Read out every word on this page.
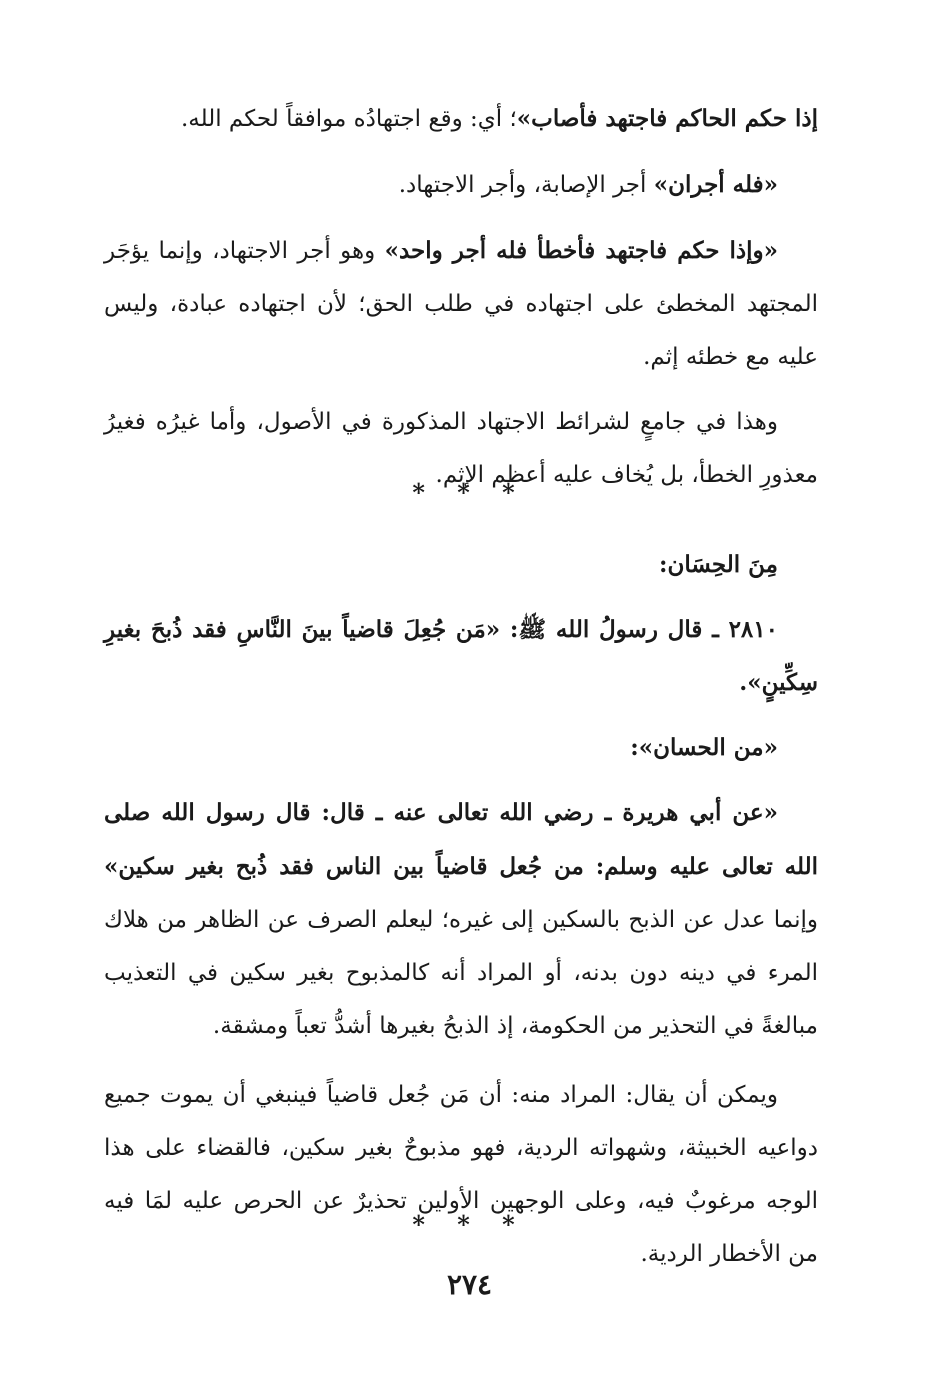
إذا حكم الحاكم فاجتهد فأصاب»؛ أي: وقع اجتهادُه موافقاً لحكم الله.

«فله أجران» أجر الإصابة، وأجر الاجتهاد.

«وإذا حكم فاجتهد فأخطأ فله أجر واحد» وهو أجر الاجتهاد، وإنما يؤجَر المجتهد المخطئ على اجتهاده في طلب الحق؛ لأن اجتهاده عبادة، وليس عليه مع خطئه إثم.

وهذا في جامعٍ لشرائط الاجتهاد المذكورة في الأصول، وأما غيرُه فغيرُ معذورِ الخطأ، بل يُخاف عليه أعظم الإثم.

* * *

مِنَ الحِسَان:

٢٨١٠ ـ قال رسولُ الله ﷺ: «مَن جُعِلَ قاضياً بينَ النَّاسِ فقد ذُبحَ بغيرِ سِكِّينٍ».

«من الحسان»:

«عن أبي هريرة ـ رضي الله تعالى عنه ـ قال: قال رسول الله صلى الله تعالى عليه وسلم: من جُعل قاضياً بين الناس فقد ذُبح بغير سكين» وإنما عدل عن الذبح بالسكين إلى غيره؛ ليعلم الصرف عن الظاهر من هلاك المرء في دينه دون بدنه، أو المراد أنه كالمذبوح بغير سكين في التعذيب مبالغةً في التحذير من الحكومة، إذ الذبحُ بغيرها أشدُّ تعباً ومشقة.

ويمكن أن يقال: المراد منه: أن مَن جُعل قاضياً فينبغي أن يموت جميع دواعيه الخبيثة، وشهواته الردية، فهو مذبوحٌ بغير سكين، فالقضاء على هذا الوجه مرغوبٌ فيه، وعلى الوجهين الأولين تحذيرٌ عن الحرص عليه لمَا فيه من الأخطار الردية.

* * *
٢٧٤
